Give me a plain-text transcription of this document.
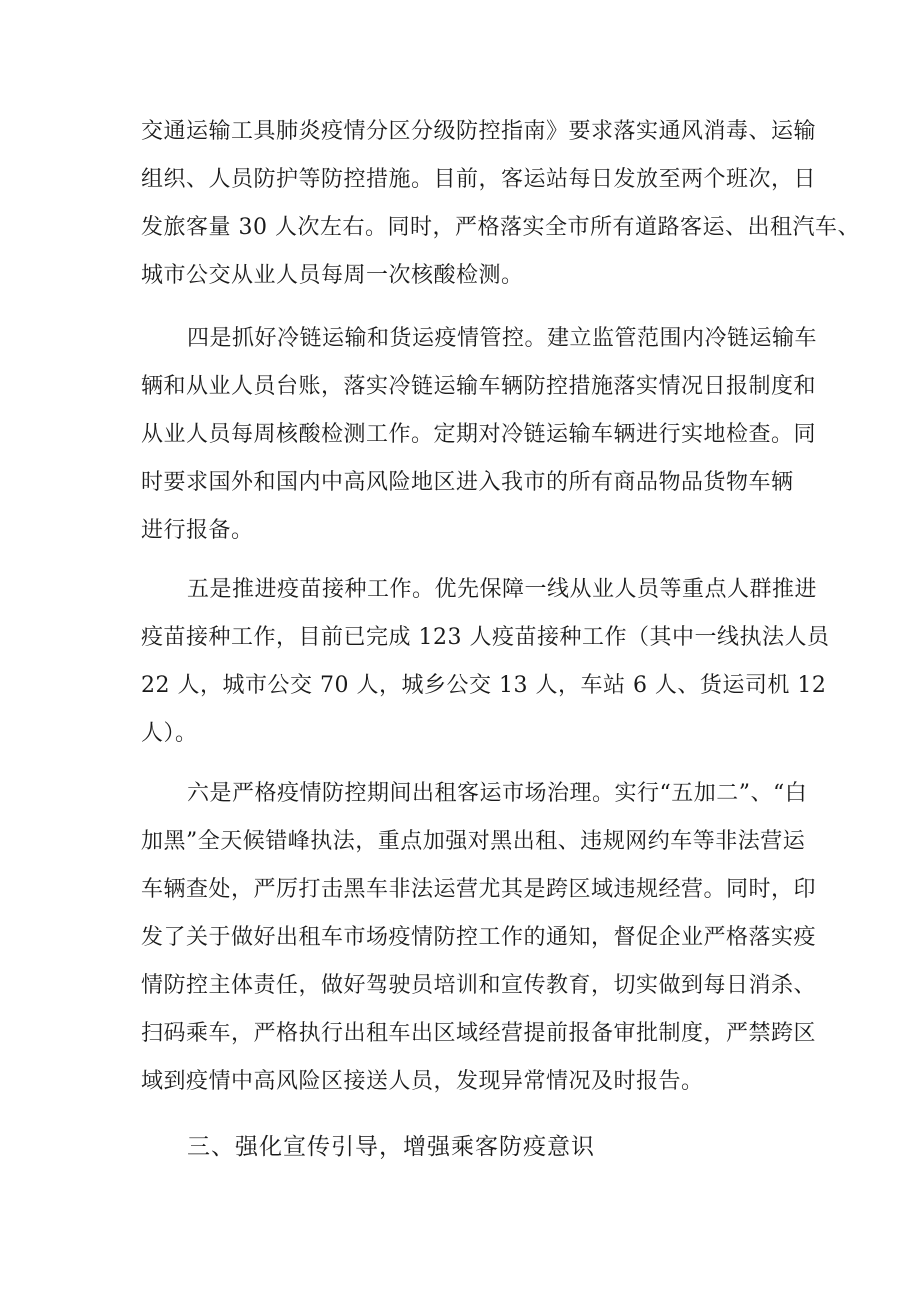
交通运输工具肺炎疫情分区分级防控指南》要求落实通风消毒、运输
组织、人员防护等防控措施。目前，客运站每日发放至两个班次，日
发旅客量 30 人次左右。同时，严格落实全市所有道路客运、出租汽车、
城市公交从业人员每周一次核酸检测。
四是抓好冷链运输和货运疫情管控。建立监管范围内冷链运输车
辆和从业人员台账，落实冷链运输车辆防控措施落实情况日报制度和
从业人员每周核酸检测工作。定期对冷链运输车辆进行实地检查。同
时要求国外和国内中高风险地区进入我市的所有商品物品货物车辆
进行报备。
五是推进疫苗接种工作。优先保障一线从业人员等重点人群推进
疫苗接种工作，目前已完成 123 人疫苗接种工作（其中一线执法人员
22 人，城市公交 70 人，城乡公交 13 人，车站 6 人、货运司机 12
人）。
六是严格疫情防控期间出租客运市场治理。实行“五加二”、“白
加黑”全天候错峰执法，重点加强对黑出租、违规网约车等非法营运
车辆查处，严厉打击黑车非法运营尤其是跨区域违规经营。同时，印
发了关于做好出租车市场疫情防控工作的通知，督促企业严格落实疫
情防控主体责任，做好驾驶员培训和宣传教育，切实做到每日消杀、
扫码乘车，严格执行出租车出区域经营提前报备审批制度，严禁跨区
域到疫情中高风险区接送人员，发现异常情况及时报告。
三、强化宣传引导，增强乘客防疫意识
